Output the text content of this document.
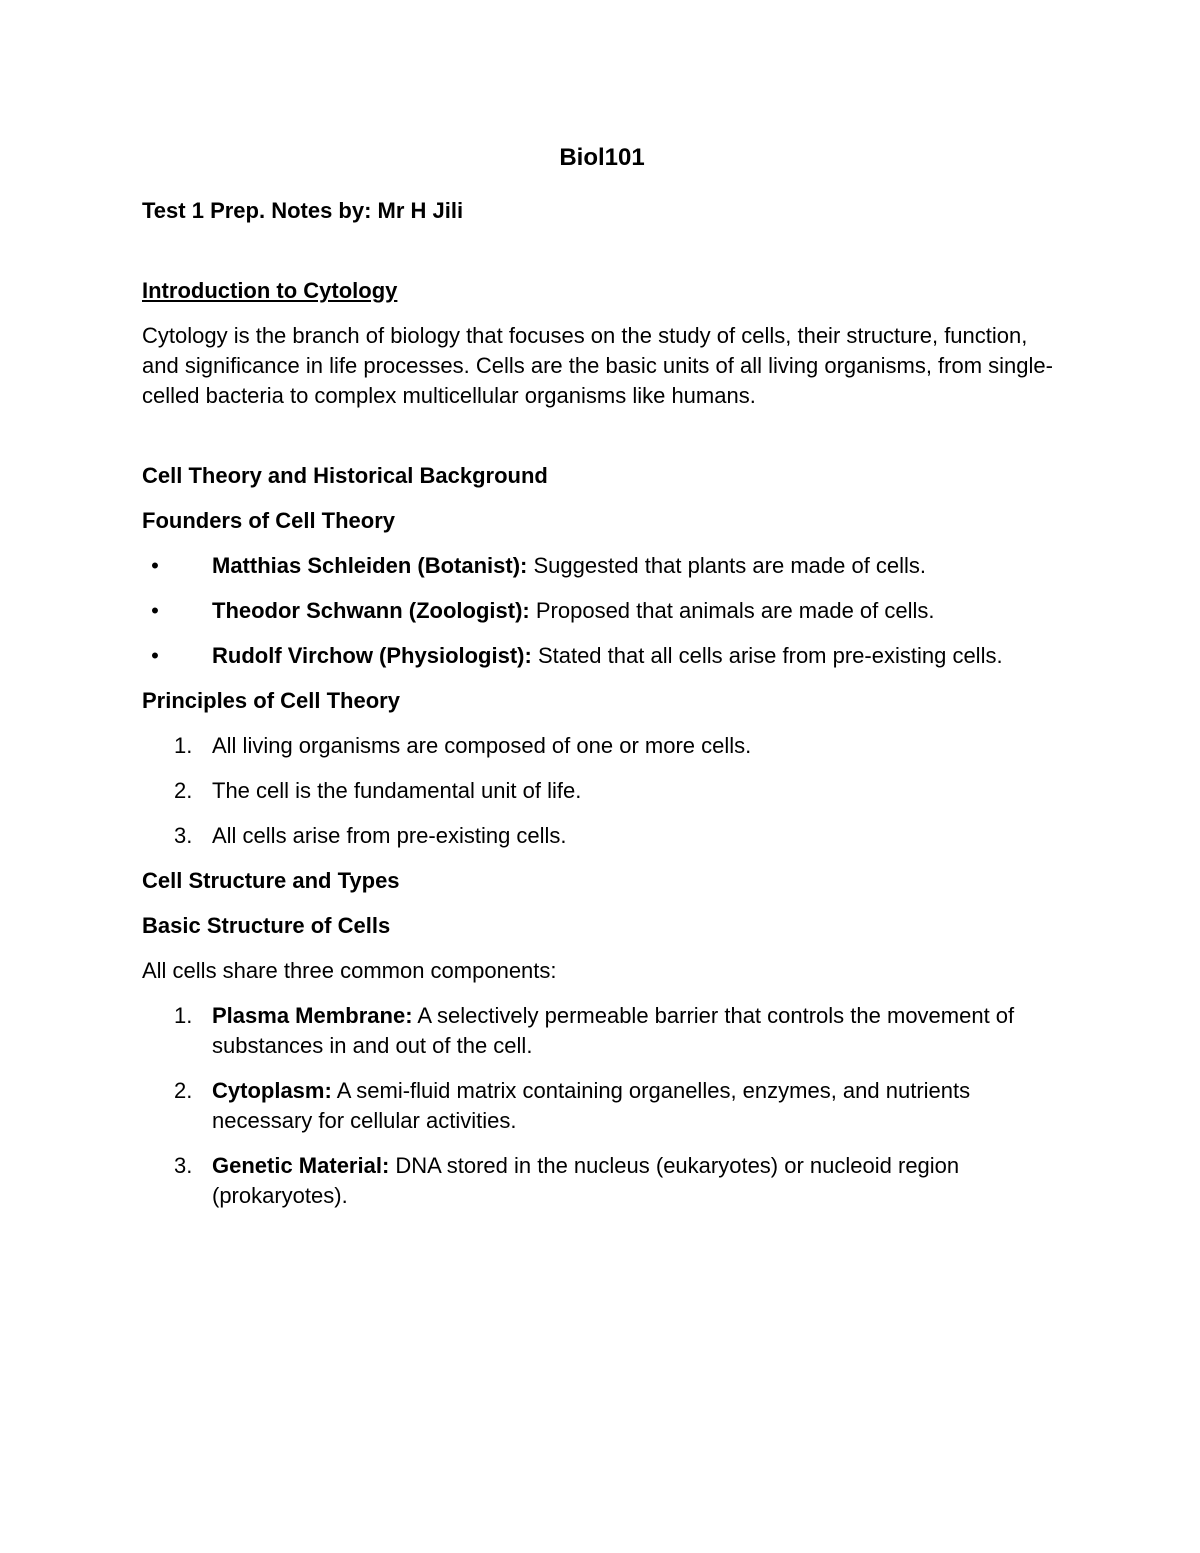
Biol101
Test 1 Prep. Notes by: Mr H Jili
Introduction to Cytology
Cytology is the branch of biology that focuses on the study of cells, their structure, function, and significance in life processes. Cells are the basic units of all living organisms, from single-celled bacteria to complex multicellular organisms like humans.
Cell Theory and Historical Background
Founders of Cell Theory
• Matthias Schleiden (Botanist): Suggested that plants are made of cells.
• Theodor Schwann (Zoologist): Proposed that animals are made of cells.
• Rudolf Virchow (Physiologist): Stated that all cells arise from pre-existing cells.
Principles of Cell Theory
1. All living organisms are composed of one or more cells.
2. The cell is the fundamental unit of life.
3. All cells arise from pre-existing cells.
Cell Structure and Types
Basic Structure of Cells
All cells share three common components:
1. Plasma Membrane: A selectively permeable barrier that controls the movement of substances in and out of the cell.
2. Cytoplasm: A semi-fluid matrix containing organelles, enzymes, and nutrients necessary for cellular activities.
3. Genetic Material: DNA stored in the nucleus (eukaryotes) or nucleoid region (prokaryotes).
